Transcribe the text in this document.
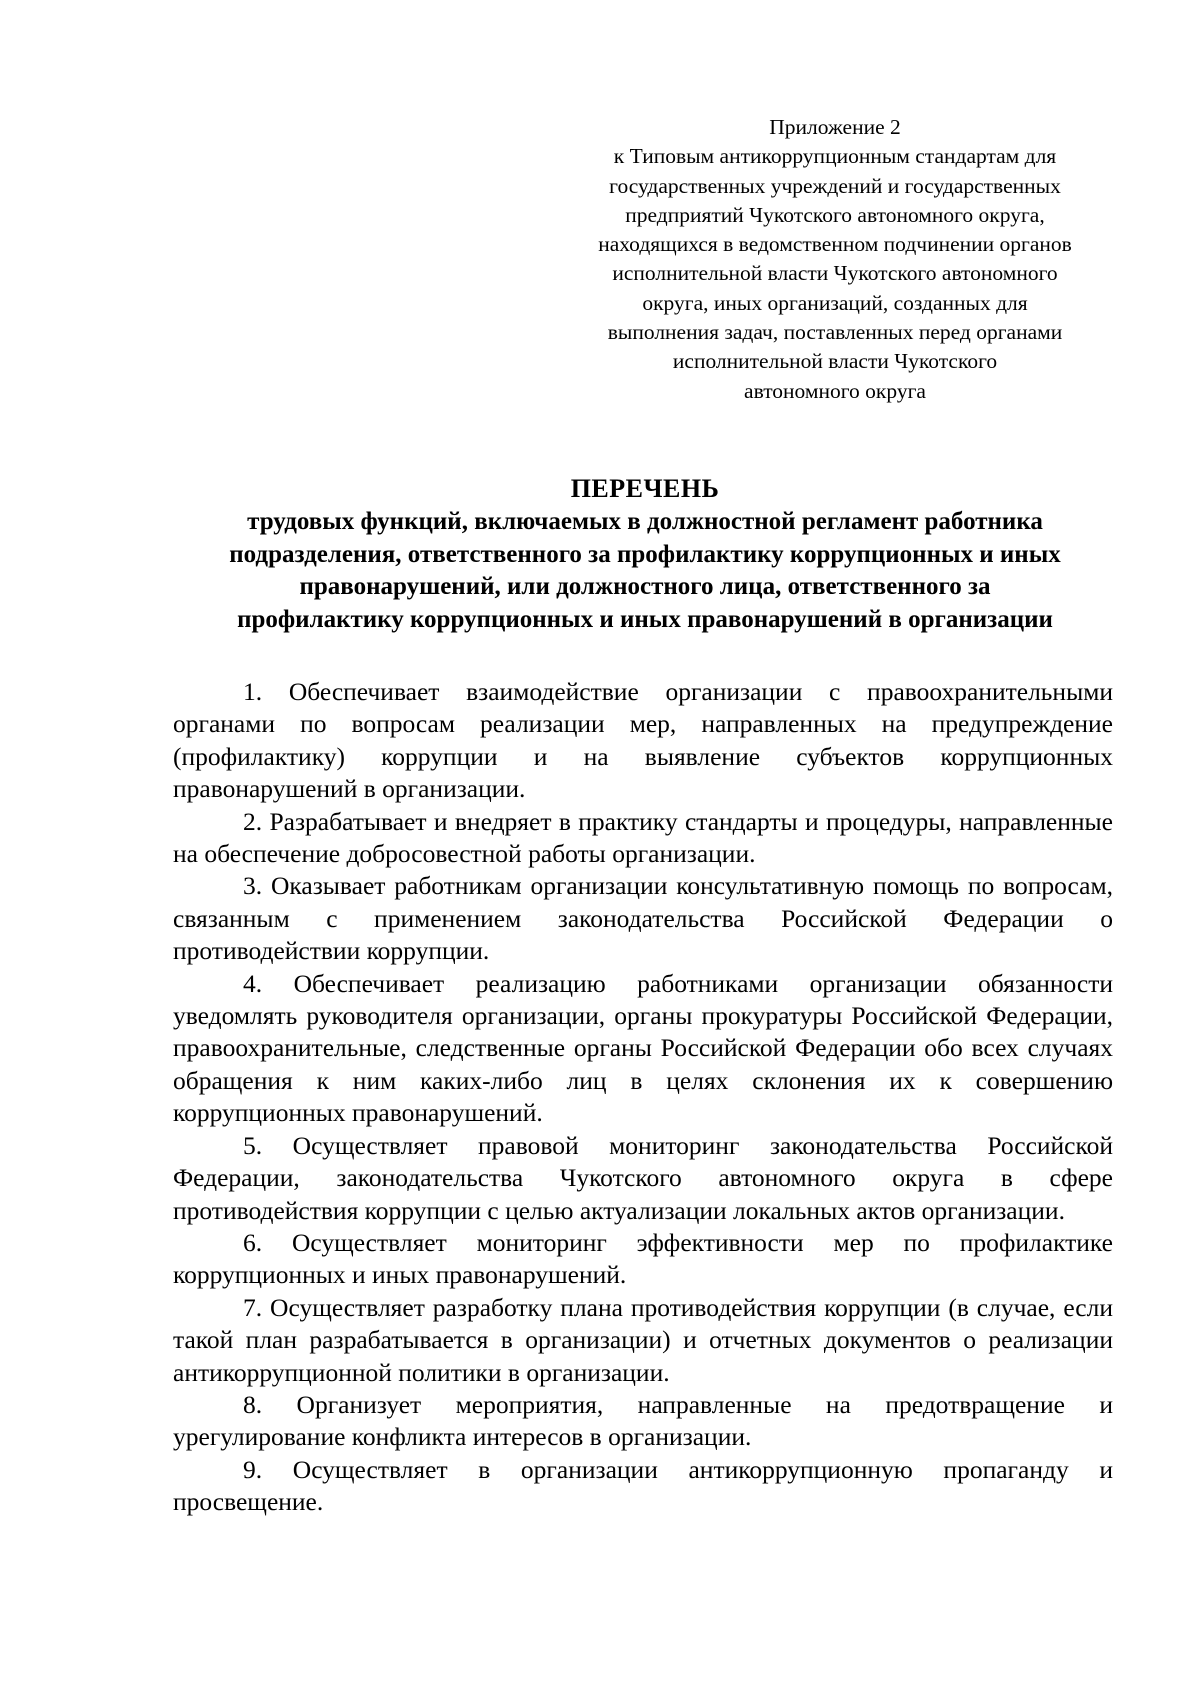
Приложение 2
к Типовым антикоррупционным стандартам для
государственных учреждений и государственных
предприятий Чукотского автономного округа,
находящихся в ведомственном подчинении органов
исполнительной власти Чукотского автономного
округа, иных организаций, созданных для
выполнения задач, поставленных перед органами
исполнительной власти Чукотского
автономного округа
ПЕРЕЧЕНЬ
трудовых функций, включаемых в должностной регламент работника
подразделения, ответственного за профилактику коррупционных и иных
правонарушений, или должностного лица, ответственного за
профилактику коррупционных и иных правонарушений в организации

1. Обеспечивает взаимодействие организации с правоохранительными органами по вопросам реализации мер, направленных на предупреждение (профилактику) коррупции и на выявление субъектов коррупционных правонарушений в организации.

2. Разрабатывает и внедряет в практику стандарты и процедуры, направленные на обеспечение добросовестной работы организации.

3. Оказывает работникам организации консультативную помощь по вопросам, связанным с применением законодательства Российской Федерации о противодействии коррупции.

4. Обеспечивает реализацию работниками организации обязанности уведомлять руководителя организации, органы прокуратуры Российской Федерации, правоохранительные, следственные органы Российской Федерации обо всех случаях обращения к ним каких-либо лиц в целях склонения их к совершению коррупционных правонарушений.

5. Осуществляет правовой мониторинг законодательства Российской Федерации, законодательства Чукотского автономного округа в сфере противодействия коррупции с целью актуализации локальных актов организации.

6. Осуществляет мониторинг эффективности мер по профилактике коррупционных и иных правонарушений.

7. Осуществляет разработку плана противодействия коррупции (в случае, если такой план разрабатывается в организации) и отчетных документов о реализации антикоррупционной политики в организации.

8. Организует мероприятия, направленные на предотвращение и урегулирование конфликта интересов в организации.

9. Осуществляет в организации антикоррупционную пропаганду и просвещение.
